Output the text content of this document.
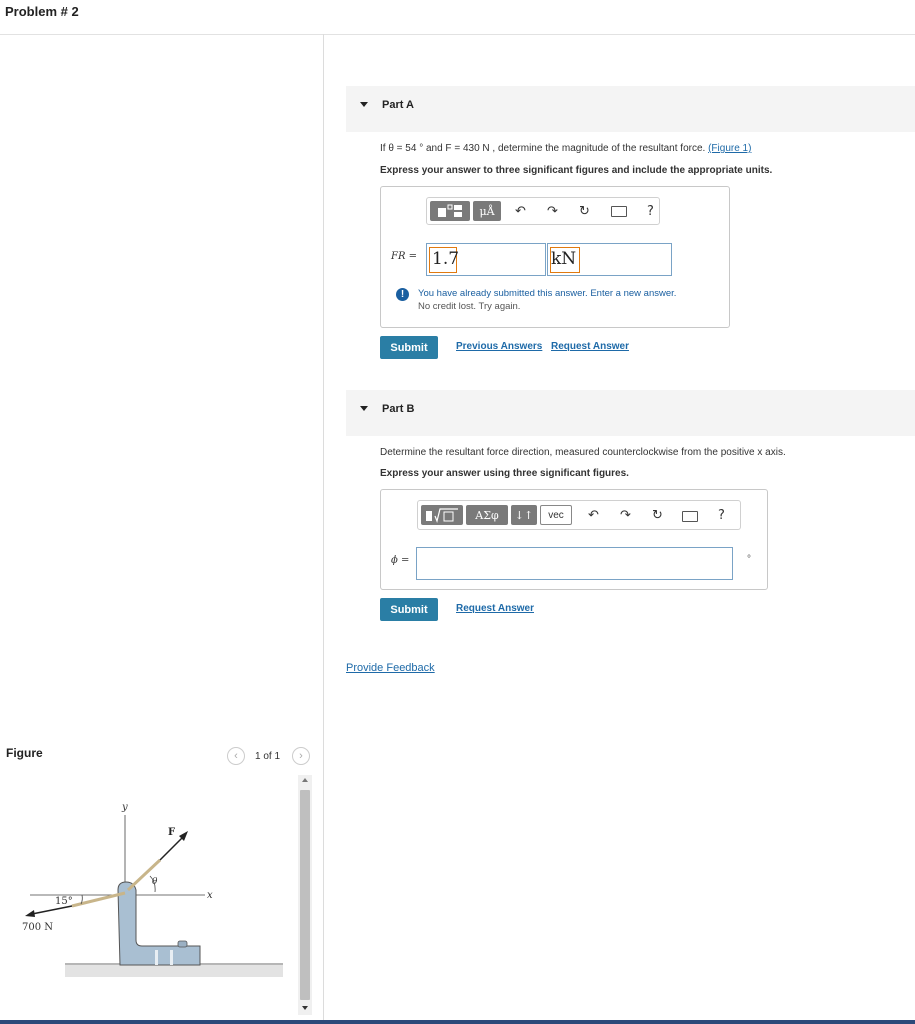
Problem # 2
Part A
If θ = 54 ° and F = 430 N , determine the magnitude of the resultant force. (Figure 1)
Express your answer to three significant figures and include the appropriate units.
μÅ	↶ ↷ ↻	?
FR = 1.7	kN
!	You have already submitted this answer. Enter a new answer.
No credit lost. Try again.
Submit	Previous Answers Request Answer
Part B
Determine the resultant force direction, measured counterclockwise from the positive x axis.
Express your answer using three significant figures.
ΑΣφ	↓↑	vec	↶ ↷ ↻	?
ϕ =	°
Submit	Request Answer
Provide Feedback
Figure	‹	1 of 1	›
y
x
F
θ
15°
700 N
